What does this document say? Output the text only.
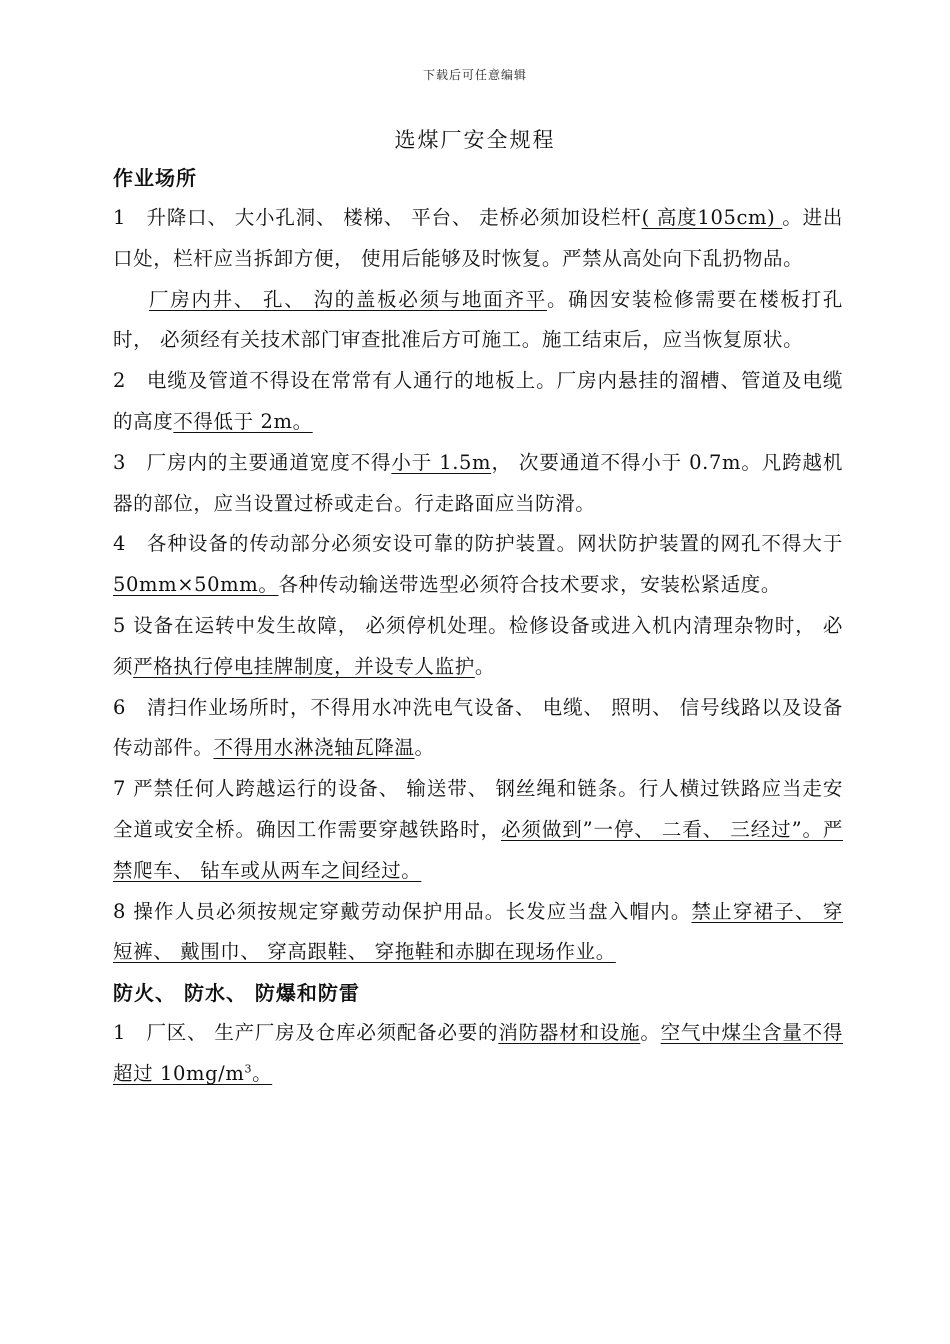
下载后可任意编辑
选煤厂安全规程

作业场所

1　升降口、 大小孔洞、 楼梯、 平台、 走桥必须加设栏杆( 高度105cm) 。进出口处，栏杆应当拆卸方便， 使用后能够及时恢复。严禁从高处向下乱扔物品。

厂房内井、 孔、 沟的盖板必须与地面齐平。确因安装检修需要在楼板打孔时， 必须经有关技术部门审查批准后方可施工。施工结束后，应当恢复原状。

2　电缆及管道不得设在常常有人通行的地板上。厂房内悬挂的溜槽、管道及电缆的高度不得低于 2m。

3　厂房内的主要通道宽度不得小于 1.5m， 次要通道不得小于 0.7m。凡跨越机器的部位，应当设置过桥或走台。行走路面应当防滑。

4　各种设备的传动部分必须安设可靠的防护装置。网状防护装置的网孔不得大于 50mm×50mm。各种传动输送带选型必须符合技术要求，安装松紧适度。

5 设备在运转中发生故障， 必须停机处理。检修设备或进入机内清理杂物时， 必须严格执行停电挂牌制度，并设专人监护。

6　清扫作业场所时，不得用水冲洗电气设备、 电缆、 照明、 信号线路以及设备传动部件。不得用水淋浇轴瓦降温。

7 严禁任何人跨越运行的设备、 输送带、 钢丝绳和链条。行人横过铁路应当走安全道或安全桥。确因工作需要穿越铁路时，必须做到”一停、 二看、 三经过”。严禁爬车、 钻车或从两车之间经过。

8 操作人员必须按规定穿戴劳动保护用品。长发应当盘入帽内。禁止穿裙子、 穿短裤、 戴围巾、 穿高跟鞋、 穿拖鞋和赤脚在现场作业。

防火、 防水、 防爆和防雷

1　厂区、 生产厂房及仓库必须配备必要的消防器材和设施。空气中煤尘含量不得超过 $10mg/m^3$。
